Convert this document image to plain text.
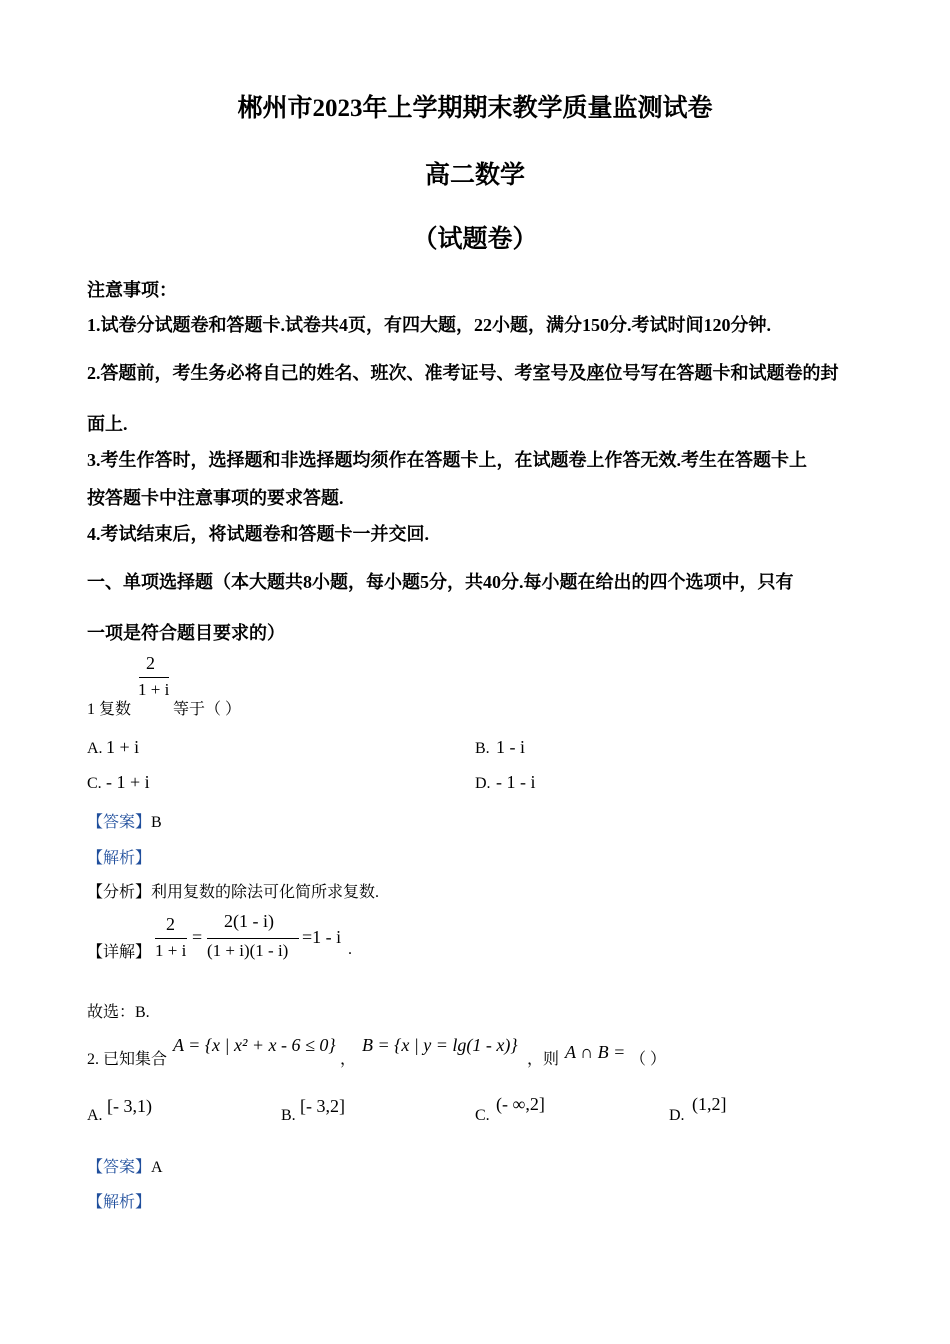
郴州市2023年上学期期末教学质量监测试卷
高二数学
（试题卷）
注意事项：
1.试卷分试题卷和答题卡.试卷共4页，有四大题，22小题，满分150分.考试时间120分钟.
2.答题前，考生务必将自己的姓名、班次、准考证号、考室号及座位号写在答题卡和试题卷的封
面上.
3.考生作答时，选择题和非选择题均须作在答题卡上，在试题卷上作答无效.考生在答题卡上
按答题卡中注意事项的要求答题.
4.考试结束后，将试题卷和答题卡一并交回.
一、单项选择题（本大题共8小题，每小题5分，共40分.每小题在给出的四个选项中，只有
一项是符合题目要求的）
1 复数
2
1 + i
等于（ ）
A. 1 + i	B. 1 - i
C. - 1 + i	D. - 1 - i
【答案】B
【解析】
【分析】利用复数的除法可化简所求复数.
【详解】
2
1 + i
=
2(1 - i)
(1 + i)(1 - i)
=1 - i
.
故选：B.
2. 已知集合
A = {x | x² + x - 6 ≤ 0}
，
B = {x | y = lg(1 - x)}
，则 A ∩ B = （ ）
A. [- 3,1)	B. [- 3,2]	C.
(- ∞,2]
D.
(1,2]
【答案】A
【解析】
